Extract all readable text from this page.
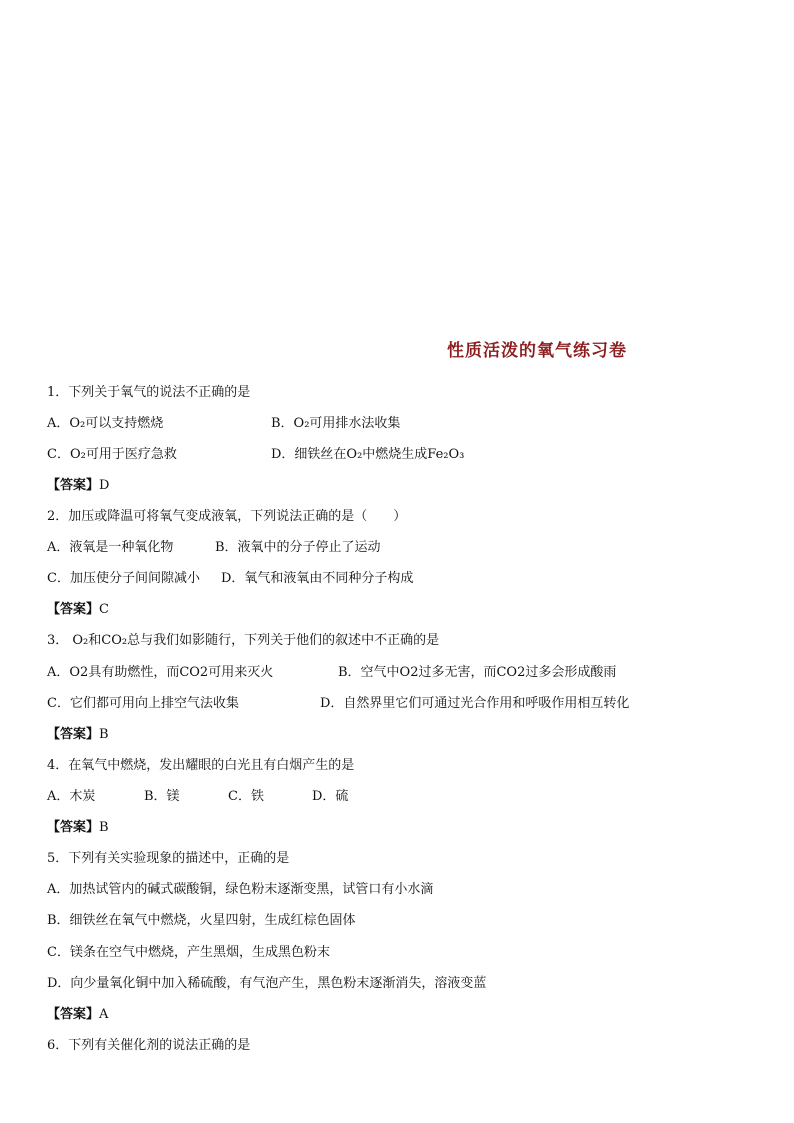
性质活泼的氧气练习卷
1．下列关于氧气的说法不正确的是
A．O₂可以支持燃烧	B．O₂可用排水法收集
C．O₂可用于医疗急救	D．细铁丝在O₂中燃烧生成Fe₂O₃
【答案】D
2．加压或降温可将氧气变成液氧，下列说法正确的是（　　）
A．液氧是一种氧化物	B．液氧中的分子停止了运动
C．加压使分子间间隙减小 D．氧气和液氧由不同种分子构成
【答案】C
3． O₂和CO₂总与我们如影随行，下列关于他们的叙述中不正确的是
A．O2具有助燃性，而CO2可用来灭火	B．空气中O2过多无害，而CO2过多会形成酸雨
C．它们都可用向上排空气法收集	D．自然界里它们可通过光合作用和呼吸作用相互转化
【答案】B
4．在氧气中燃烧，发出耀眼的白光且有白烟产生的是
A．木炭	B．镁	C．铁	D．硫
【答案】B
5．下列有关实验现象的描述中，正确的是
A．加热试管内的碱式碳酸铜，绿色粉末逐渐变黑，试管口有小水滴
B．细铁丝在氧气中燃烧，火星四射，生成红棕色固体
C．镁条在空气中燃烧，产生黑烟，生成黑色粉末
D．向少量氧化铜中加入稀硫酸，有气泡产生，黑色粉末逐渐消失，溶液变蓝
【答案】A
6．下列有关催化剂的说法正确的是
